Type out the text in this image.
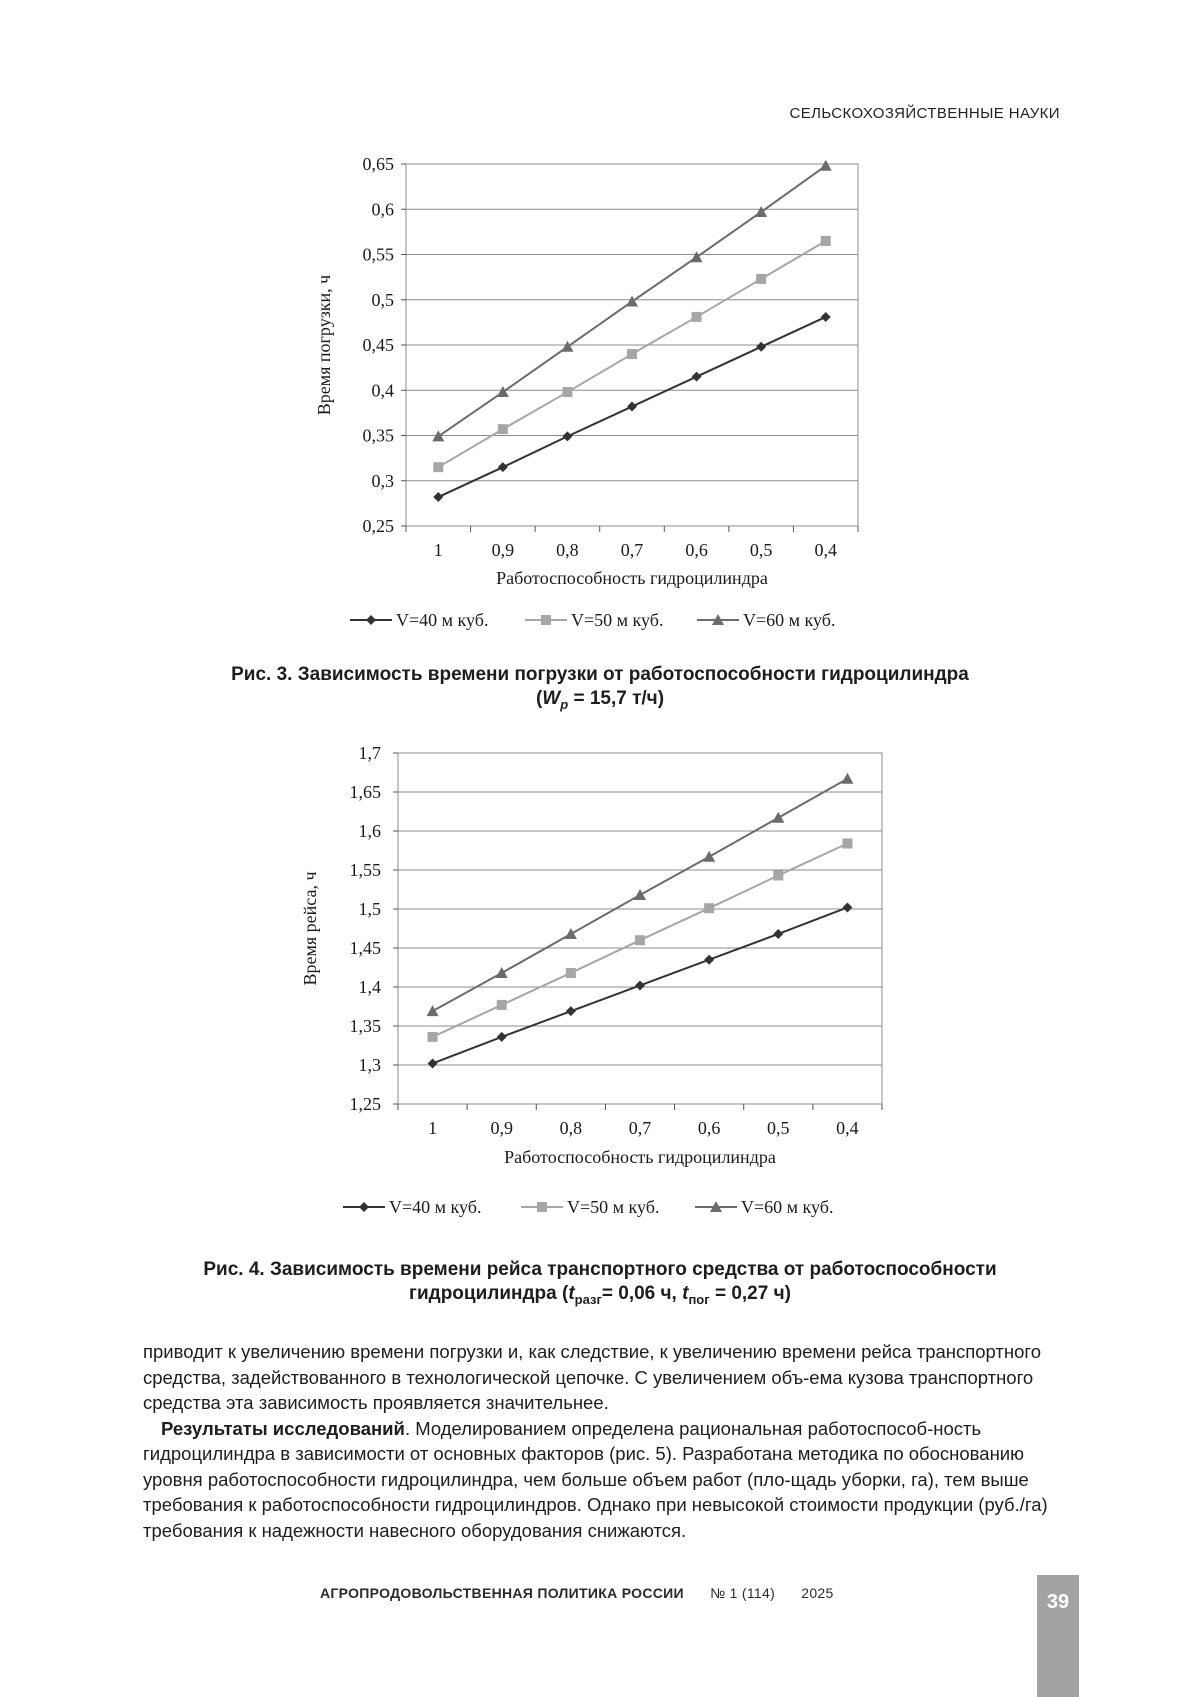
СЕЛЬСКОХОЗЯЙСТВЕННЫЕ НАУКИ
0,25
0,3
0,35
0,4
0,45
0,5
0,55
0,6
0,65
1	0,9 0,8 0,7 0,6 0,5 0,4
Работоспособность гидроцилиндра
Время погрузки, ч
V=40 м куб.	V=50 м куб.	V=60 м куб.
Рис. 3. Зависимость времени погрузки от работоспособности гидроцилиндра
($W_p = 15,7$ т/ч)
1,25
1,3
1,35
1,4
1,45
1,5
1,55
1,6
1,65
1,7
1	0,9	0,8	0,7	0,6	0,5	0,4
Работоспособность гидроцилиндра
Время рейса, ч
V=40 м куб.	V=50 м куб.	V=60 м куб.
Рис. 4. Зависимость времени рейса транспортного средства от работоспособности
гидроцилиндра ($t_{разг}= 0,06$ ч, $t_{пог} = 0,27$ ч)

приводит к увеличению времени погрузки и, как следствие, к увеличению времени рейса транспортного средства, задействованного в технологической цепочке. С увеличением объ-ема кузова транспортного средства эта зависимость проявляется значительнее.

Результаты исследований. Моделированием определена рациональная работоспособ-ность гидроцилиндра в зависимости от основных факторов (рис. 5). Разработана методика по обоснованию уровня работоспособности гидроцилиндра, чем больше объем работ (пло-щадь уборки, га), тем выше требования к работоспособности гидроцилиндров. Однако при невысокой стоимости продукции (руб./га) требования к надежности навесного оборудования снижаются.

АГРОПРОДОВОЛЬСТВЕННАЯ ПОЛИТИКА РОССИИ № 1 (114) 2025	39
